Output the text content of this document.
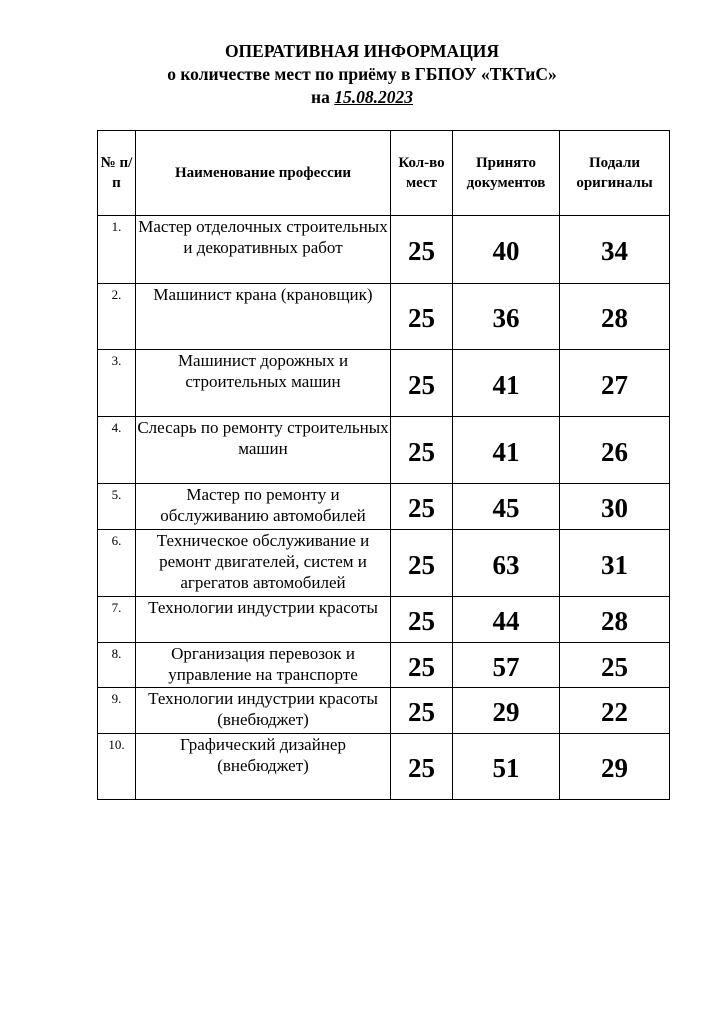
ОПЕРАТИВНАЯ ИНФОРМАЦИЯ
о количестве мест по приёму в ГБПОУ «ТКТиС»
на 15.08.2023
№ п/п	Наименование профессии	Кол-во мест	Принято документов	Подали оригиналы
1.	Мастер отделочных строительных и декоративных работ	25	40	34
2.	Машинист крана (крановщик)	25	36	28
3.	Машинист дорожных и строительных машин	25	41	27
4.	Слесарь по ремонту строительных машин	25	41	26
5.	Мастер по ремонту и обслуживанию автомобилей	25	45	30
6.	Техническое обслуживание и ремонт двигателей, систем и агрегатов автомобилей	25	63	31
7.	Технологии индустрии красоты	25	44	28
8.	Организация перевозок и управление на транспорте	25	57	25
9.	Технологии индустрии красоты (внебюджет)	25	29	22
10.	Графический дизайнер (внебюджет)	25	51	29
